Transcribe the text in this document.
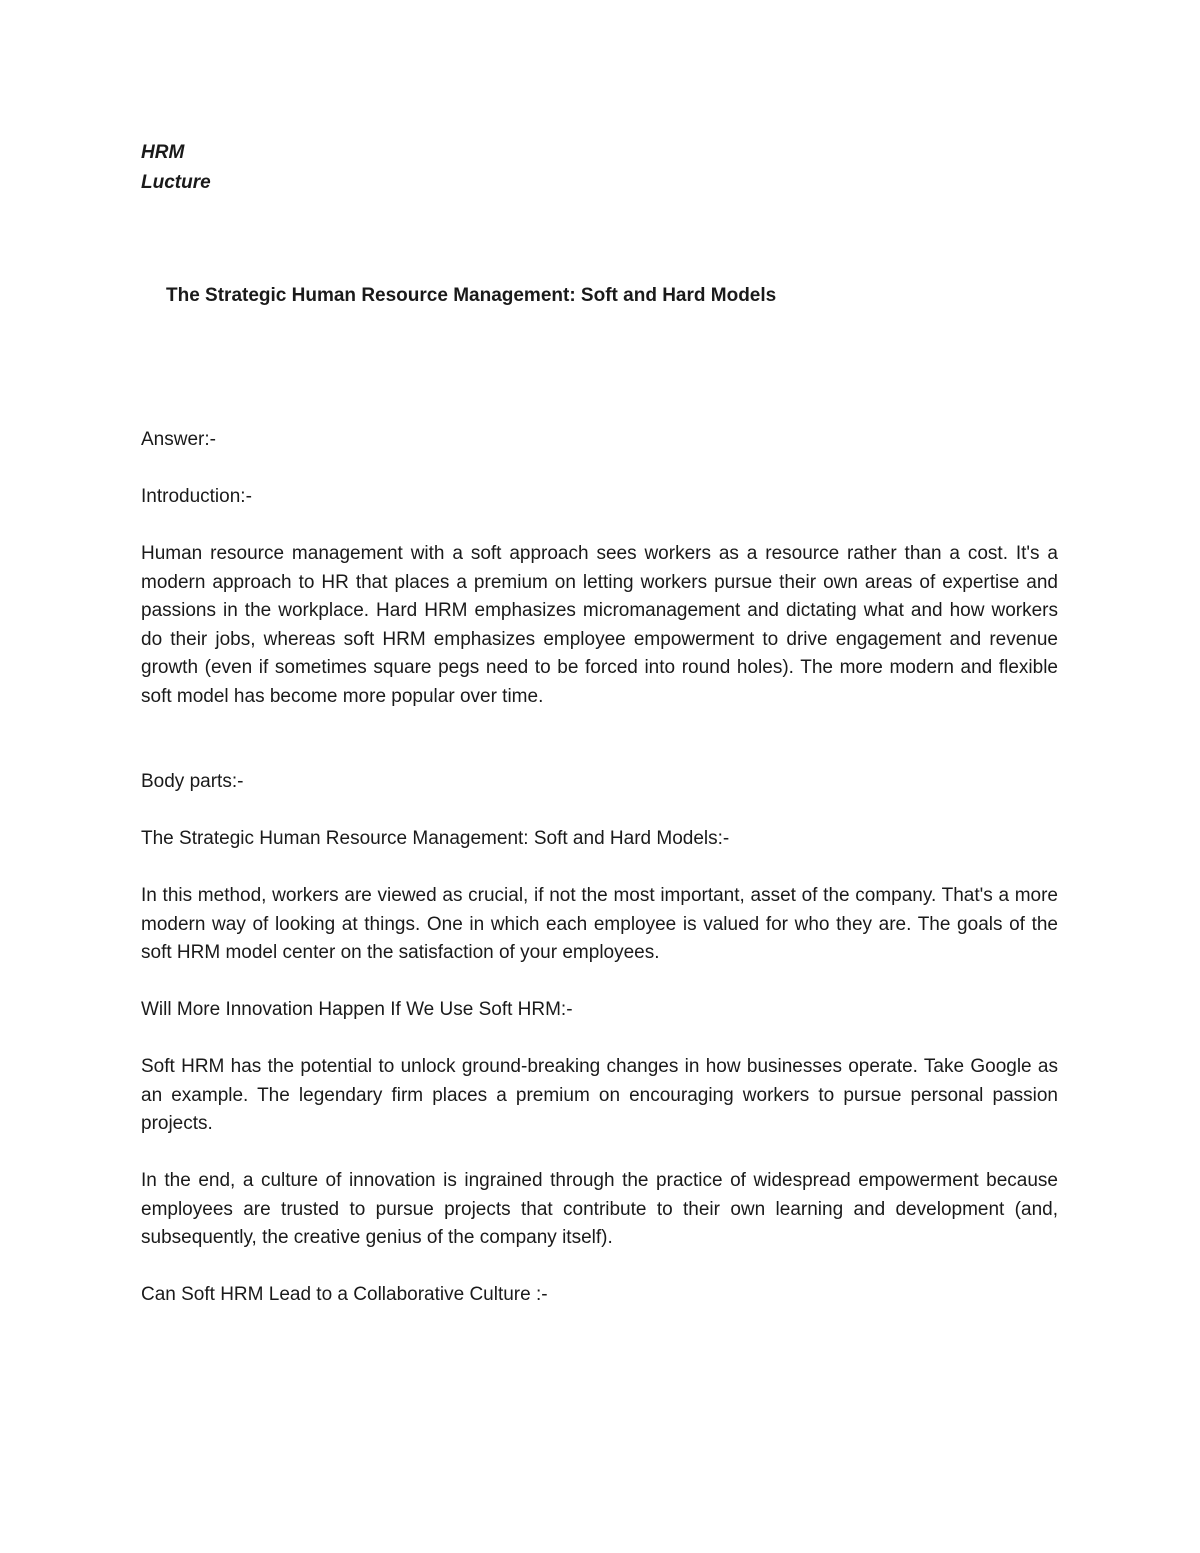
HRM

Lucture

The Strategic Human Resource Management: Soft and Hard Models

Answer:-

Introduction:-

Human resource management with a soft approach sees workers as a resource rather than a cost. It's a modern approach to HR that places a premium on letting workers pursue their own areas of expertise and passions in the workplace. Hard HRM emphasizes micromanagement and dictating what and how workers do their jobs, whereas soft HRM emphasizes employee empowerment to drive engagement and revenue growth (even if sometimes square pegs need to be forced into round holes). The more modern and flexible soft model has become more popular over time.

Body parts:-

The Strategic Human Resource Management: Soft and Hard Models:-

In this method, workers are viewed as crucial, if not the most important, asset of the company. That's a more modern way of looking at things. One in which each employee is valued for who they are. The goals of the soft HRM model center on the satisfaction of your employees.

Will More Innovation Happen If We Use Soft HRM:-

Soft HRM has the potential to unlock ground-breaking changes in how businesses operate. Take Google as an example. The legendary firm places a premium on encouraging workers to pursue personal passion projects.

In the end, a culture of innovation is ingrained through the practice of widespread empowerment because employees are trusted to pursue projects that contribute to their own learning and development (and, subsequently, the creative genius of the company itself).

Can Soft HRM Lead to a Collaborative Culture :-
